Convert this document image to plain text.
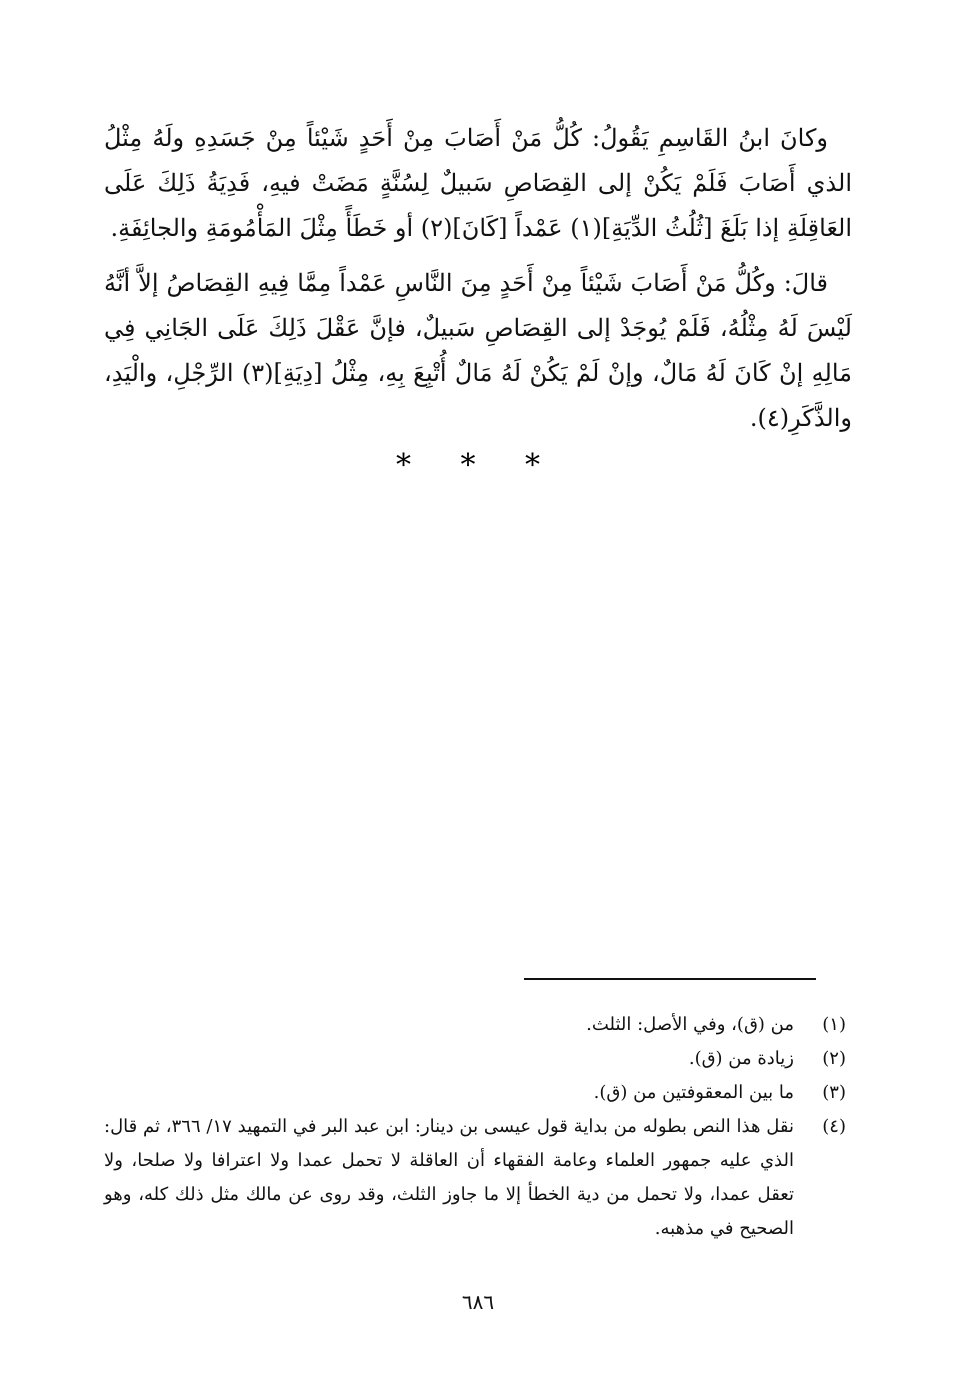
وكانَ ابنُ القَاسِمِ يَقُولُ: كُلُّ مَنْ أَصَابَ مِنْ أَحَدٍ شَيْئاً مِنْ جَسَدِهِ ولَهُ مِثْلُ الذي أَصَابَ فَلَمْ يَكُنْ إلى القِصَاصِ سَبيلٌ لِسُنَّةٍ مَضَتْ فيهِ، فَدِيَةُ ذَلِكَ عَلَى العَاقِلَةِ إذا بَلَغَ [ثُلُثُ الدِّيَةِ](١) عَمْداً [كَانَ](٢) أو خَطَأً مِثْلَ المَأْمُومَةِ والجائِفَةِ.

قالَ: وكُلُّ مَنْ أَصَابَ شَيْئاً مِنْ أَحَدٍ مِنَ النَّاسِ عَمْداً مِمَّا فِيهِ القِصَاصُ إلاَّ أنَّهُ لَيْسَ لَهُ مِثْلُهُ، فَلَمْ يُوجَدْ إلى القِصَاصِ سَبيلٌ، فإنَّ عَقْلَ ذَلِكَ عَلَى الجَانِي فِي مَالِهِ إنْ كَانَ لَهُ مَالٌ، وإنْ لَمْ يَكُنْ لَهُ مَالٌ أُتْبِعَ بِهِ، مِثْلُ [دِيَةِ](٣) الرِّجْلِ، والْيَدِ، والذَّكَرِ(٤).

* * *
(١)
من (ق)، وفي الأصل: الثلث.
(٢)
زيادة من (ق).
(٣)
ما بين المعقوفتين من (ق).
(٤)
نقل هذا النص بطوله من بداية قول عيسى بن دينار: ابن عبد البر في التمهيد ١٧/ ٣٦٦، ثم قال: الذي عليه جمهور العلماء وعامة الفقهاء أن العاقلة لا تحمل عمدا ولا اعترافا ولا صلحا، ولا تعقل عمدا، ولا تحمل من دية الخطأ إلا ما جاوز الثلث، وقد روى عن مالك مثل ذلك كله، وهو الصحيح في مذهبه.
٦٨٦
